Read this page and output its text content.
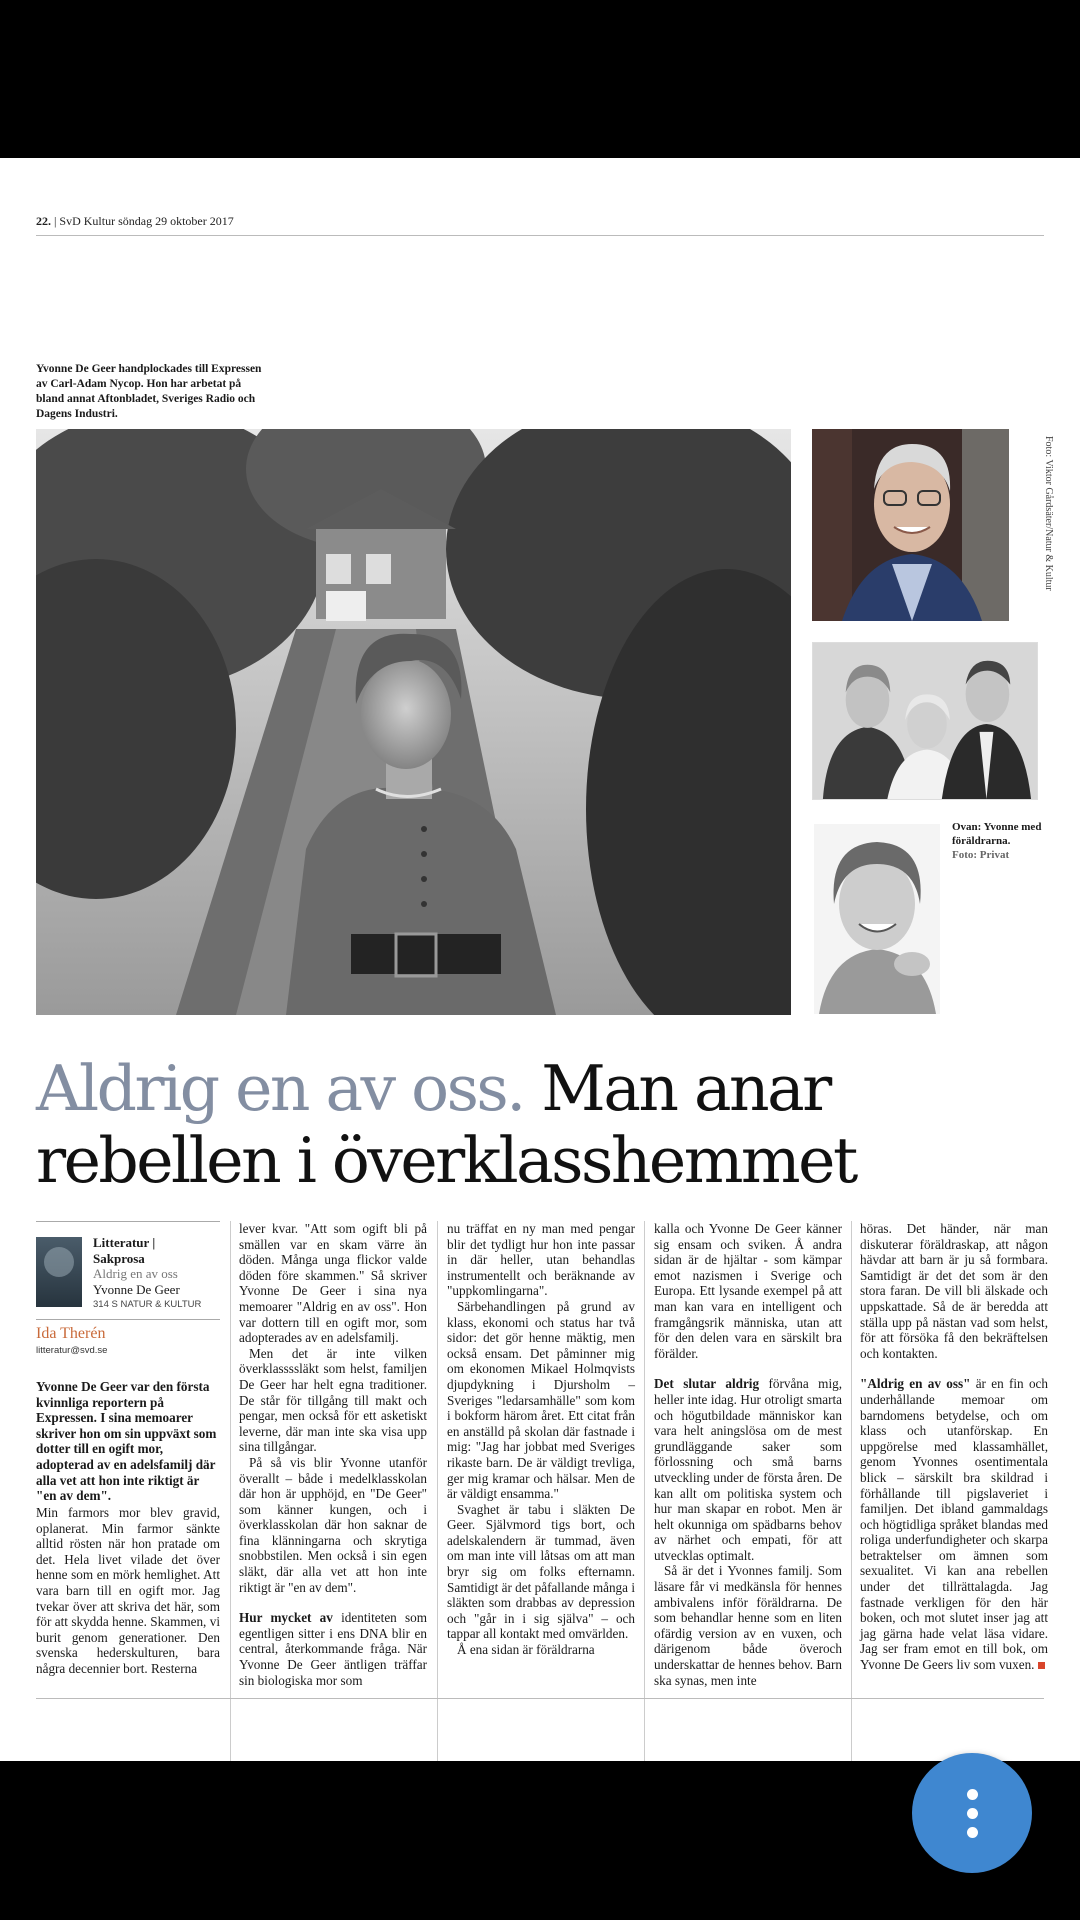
22. | SvD Kultur söndag 29 oktober 2017
Yvonne De Geer handplockades till Expressen av Carl-Adam Nycop. Hon har arbetat på bland annat Aftonbladet, Sveriges Radio och Dagens Industri.
Foto: Viktor Gårdsäter/Natur & Kultur
Ovan: Yvonne med föräldrarna.
Foto: Privat
Aldrig en av oss. Man anar
rebellen i överklasshemmet
Litteratur |
Sakprosa
Aldrig en av oss
Yvonne De Geer
314 S NATUR & KULTUR
Ida Therén
litteratur@svd.se
Yvonne De Geer var den första kvinnliga reportern på Expressen. I sina memoarer skriver hon om sin uppväxt som dotter till en ogift mor, adopterad av en adelsfamilj där alla vet att hon inte riktigt är "en av dem".

Min farmors mor blev gravid, oplanerat. Min farmor sänkte alltid rösten när hon pratade om det. Hela livet vilade det över henne som en mörk hemlighet. Att vara barn till en ogift mor. Jag tvekar över att skriva det här, som för att skydda henne. Skammen, vi burit genom generationer. Den svenska hederskulturen, bara några decennier bort. Resterna

lever kvar. "Att som ogift bli på smällen var en skam värre än döden. Många unga flickor valde döden före skammen." Så skriver Yvonne De Geer i sina nya memoarer "Aldrig en av oss". Hon var dottern till en ogift mor, som adopterades av en adelsfamilj.

Men det är inte vilken överklassssläkt som helst, familjen De Geer har helt egna traditioner. De står för tillgång till makt och pengar, men också för ett asketiskt leverne, där man inte ska visa upp sina tillgångar.

På så vis blir Yvonne utanför överallt – både i medelklasskolan där hon är upphöjd, en "De Geer" som känner kungen, och i överklasskolan där hon saknar de fina klänningarna och skrytiga snobbstilen. Men också i sin egen släkt, där alla vet att hon inte riktigt är "en av dem".

Hur mycket av identiteten som egentligen sitter i ens DNA blir en central, återkommande fråga. När Yvonne De Geer äntligen träffar sin biologiska mor som

nu träffat en ny man med pengar blir det tydligt hur hon inte passar in där heller, utan behandlas instrumentellt och beräknande av "uppkomlingarna".

Särbehandlingen på grund av klass, ekonomi och status har två sidor: det gör henne mäktig, men också ensam. Det påminner mig om ekonomen Mikael Holmqvists djupdykning i Djursholm – Sveriges "ledarsamhälle" som kom i bokform härom året. Ett citat från en anställd på skolan där fastnade i mig: "Jag har jobbat med Sveriges rikaste barn. De är väldigt trevliga, ger mig kramar och hälsar. Men de är väldigt ensamma."

Svaghet är tabu i släkten De Geer. Självmord tigs bort, och adelskalendern är tummad, även om man inte vill låtsas om att man bryr sig om folks efternamn. Samtidigt är det påfallande många i släkten som drabbas av depression och "går in i sig själva" – och tappar all kontakt med omvärlden.

Å ena sidan är föräldrarna

kalla och Yvonne De Geer känner sig ensam och sviken. Å andra sidan är de hjältar - som kämpar emot nazismen i Sverige och Europa. Ett lysande exempel på att man kan vara en intelligent och framgångsrik människa, utan att för den delen vara en särskilt bra förälder.

Det slutar aldrig förvåna mig, heller inte idag. Hur otroligt smarta och högutbildade människor kan vara helt aningslösa om de mest grundläggande saker som förlossning och små barns utveckling under de första åren. De kan allt om politiska system och hur man skapar en robot. Men är helt okunniga om spädbarns behov av närhet och empati, för att utvecklas optimalt.

Så är det i Yvonnes familj. Som läsare får vi medkänsla för hennes ambivalens inför föräldrarna. De som behandlar henne som en liten ofärdig version av en vuxen, och därigenom både överoch underskattar de hennes behov. Barn ska synas, men inte

höras. Det händer, när man diskuterar föräldraskap, att någon hävdar att barn är ju så formbara. Samtidigt är det det som är den stora faran. De vill bli älskade och uppskattade. Så de är beredda att ställa upp på nästan vad som helst, för att försöka få den bekräftelsen och kontakten.

"Aldrig en av oss" är en fin och underhållande memoar om barndomens betydelse, och om klass och utanförskap. En uppgörelse med klassamhället, genom Yvonnes osentimentala blick – särskilt bra skildrad i förhållande till pigslaveriet i familjen. Det ibland gammaldags och högtidliga språket blandas med roliga underfundigheter och skarpa betraktelser om ämnen som sexualitet. Vi kan ana rebellen under det tillrättalagda. Jag fastnade verkligen för den här boken, och mot slutet inser jag att jag gärna hade velat läsa vidare. Jag ser fram emot en till bok, om Yvonne De Geers liv som vuxen.
